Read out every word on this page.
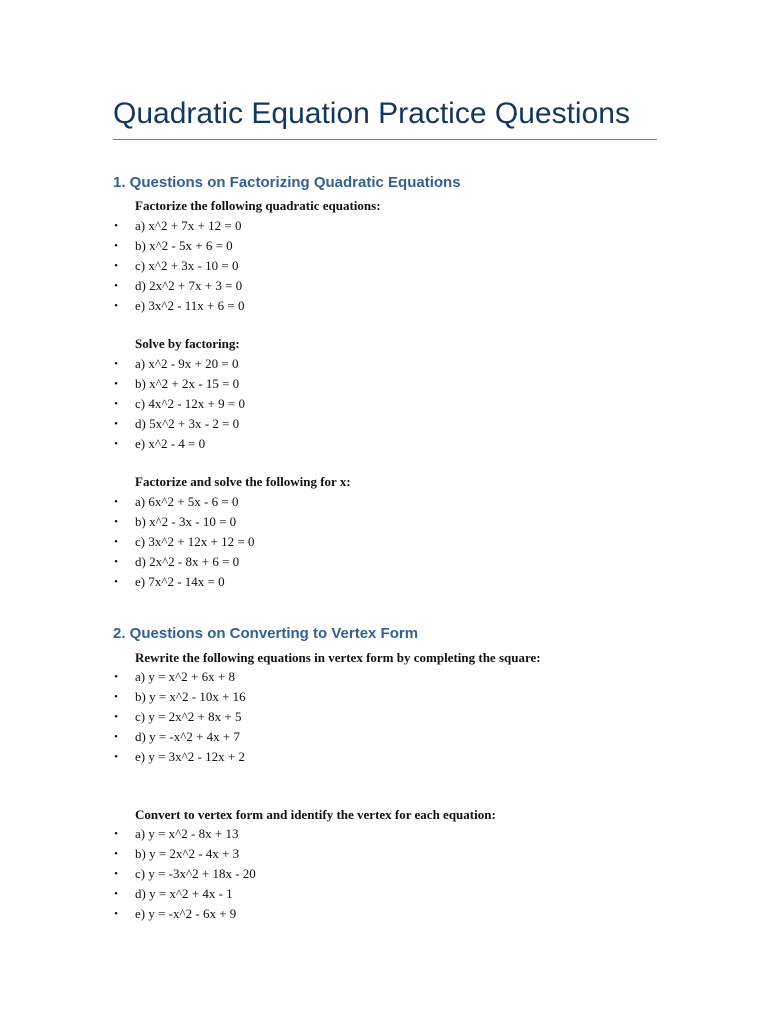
Quadratic Equation Practice Questions
1. Questions on Factorizing Quadratic Equations

Factorize the following quadratic equations:

• a) x^2 + 7x + 12 = 0
• b) x^2 - 5x + 6 = 0
• c) x^2 + 3x - 10 = 0
• d) 2x^2 + 7x + 3 = 0
• e) 3x^2 - 11x + 6 = 0

Solve by factoring:

• a) x^2 - 9x + 20 = 0
• b) x^2 + 2x - 15 = 0
• c) 4x^2 - 12x + 9 = 0
• d) 5x^2 + 3x - 2 = 0
• e) x^2 - 4 = 0

Factorize and solve the following for x:

• a) 6x^2 + 5x - 6 = 0
• b) x^2 - 3x - 10 = 0
• c) 3x^2 + 12x + 12 = 0
• d) 2x^2 - 8x + 6 = 0
• e) 7x^2 - 14x = 0
2. Questions on Converting to Vertex Form

Rewrite the following equations in vertex form by completing the square:

• a) y = x^2 + 6x + 8
• b) y = x^2 - 10x + 16
• c) y = 2x^2 + 8x + 5
• d) y = -x^2 + 4x + 7
• e) y = 3x^2 - 12x + 2

Convert to vertex form and identify the vertex for each equation:

• a) y = x^2 - 8x + 13
• b) y = 2x^2 - 4x + 3
• c) y = -3x^2 + 18x - 20
• d) y = x^2 + 4x - 1
• e) y = -x^2 - 6x + 9
